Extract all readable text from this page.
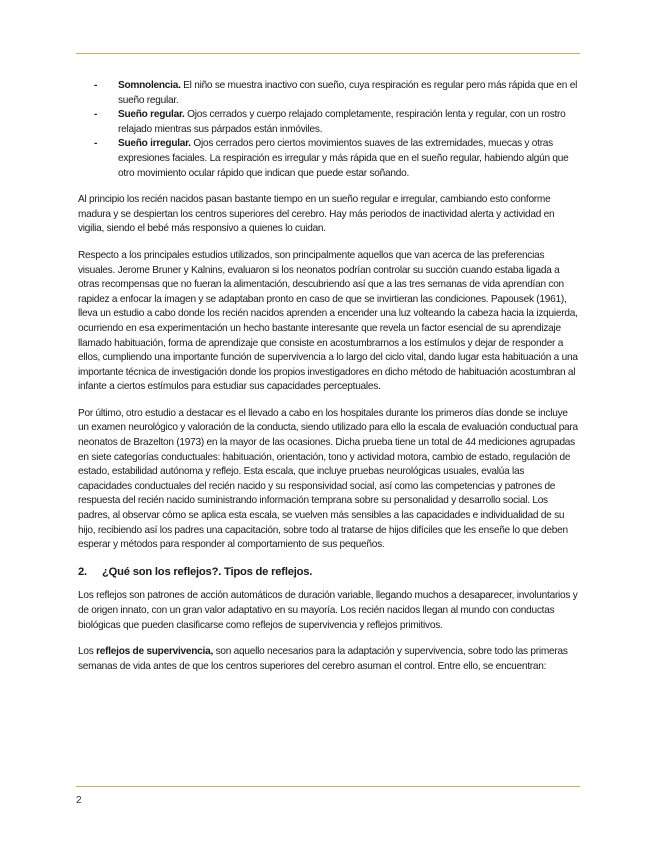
- Somnolencia. El niño se muestra inactivo con sueño, cuya respiración es regular pero más rápida que en el sueño regular.
- Sueño regular. Ojos cerrados y cuerpo relajado completamente, respiración lenta y regular, con un rostro relajado mientras sus párpados están inmóviles.
- Sueño irregular. Ojos cerrados pero ciertos movimientos suaves de las extremidades, muecas y otras expresiones faciales. La respiración es irregular y más rápida que en el sueño regular, habiendo algún que otro movimiento ocular rápido que indican que puede estar soñando.

Al principio los recién nacidos pasan bastante tiempo en un sueño regular e irregular, cambiando esto conforme madura y se despiertan los centros superiores del cerebro. Hay más periodos de inactividad alerta y actividad en vigilia, siendo el bebé más responsivo a quienes lo cuidan.

Respecto a los principales estudios utilizados, son principalmente aquellos que van acerca de las preferencias visuales. Jerome Bruner y Kalnins, evaluaron si los neonatos podrían controlar su succión cuando estaba ligada a otras recompensas que no fueran la alimentación, descubriendo así que a las tres semanas de vida aprendían con rapidez a enfocar la imagen y se adaptaban pronto en caso de que se invirtieran las condiciones. Papousek (1961), lleva un estudio a cabo donde los recién nacidos aprenden a encender una luz volteando la cabeza hacia la izquierda, ocurriendo en esa experimentación un hecho bastante interesante que revela un factor esencial de su aprendizaje llamado habituación, forma de aprendizaje que consiste en acostumbrarnos a los estímulos y dejar de responder a ellos, cumpliendo una importante función de supervivencia a lo largo del ciclo vital, dando lugar esta habituación a una importante técnica de investigación donde los propios investigadores en dicho método de habituación acostumbran al infante a ciertos estímulos para estudiar sus capacidades perceptuales.

Por último, otro estudio a destacar es el llevado a cabo en los hospitales durante los primeros días donde se incluye un examen neurológico y valoración de la conducta, siendo utilizado para ello la escala de evaluación conductual para neonatos de Brazelton (1973) en la mayor de las ocasiones. Dicha prueba tiene un total de 44 mediciones agrupadas en siete categorías conductuales: habituación, orientación, tono y actividad motora, cambio de estado, regulación de estado, estabilidad autónoma y reflejo. Esta escala, que incluye pruebas neurológicas usuales, evalúa las capacidades conductuales del recién nacido y su responsividad social, así como las competencias y patrones de respuesta del recién nacido suministrando información temprana sobre su personalidad y desarrollo social. Los padres, al observar cómo se aplica esta escala, se vuelven más sensibles a las capacidades e individualidad de su hijo, recibiendo así los padres una capacitación, sobre todo al tratarse de hijos difíciles que les enseñe lo que deben esperar y métodos para responder al comportamiento de sus pequeños.

2. ¿Qué son los reflejos?. Tipos de reflejos.

Los reflejos son patrones de acción automáticos de duración variable, llegando muchos a desaparecer, involuntarios y de origen innato, con un gran valor adaptativo en su mayoría. Los recién nacidos llegan al mundo con conductas biológicas que pueden clasificarse como reflejos de supervivencia y reflejos primitivos.

Los reflejos de supervivencia, son aquello necesarios para la adaptación y supervivencia, sobre todo las primeras semanas de vida antes de que los centros superiores del cerebro asuman el control. Entre ello, se encuentran:

2
